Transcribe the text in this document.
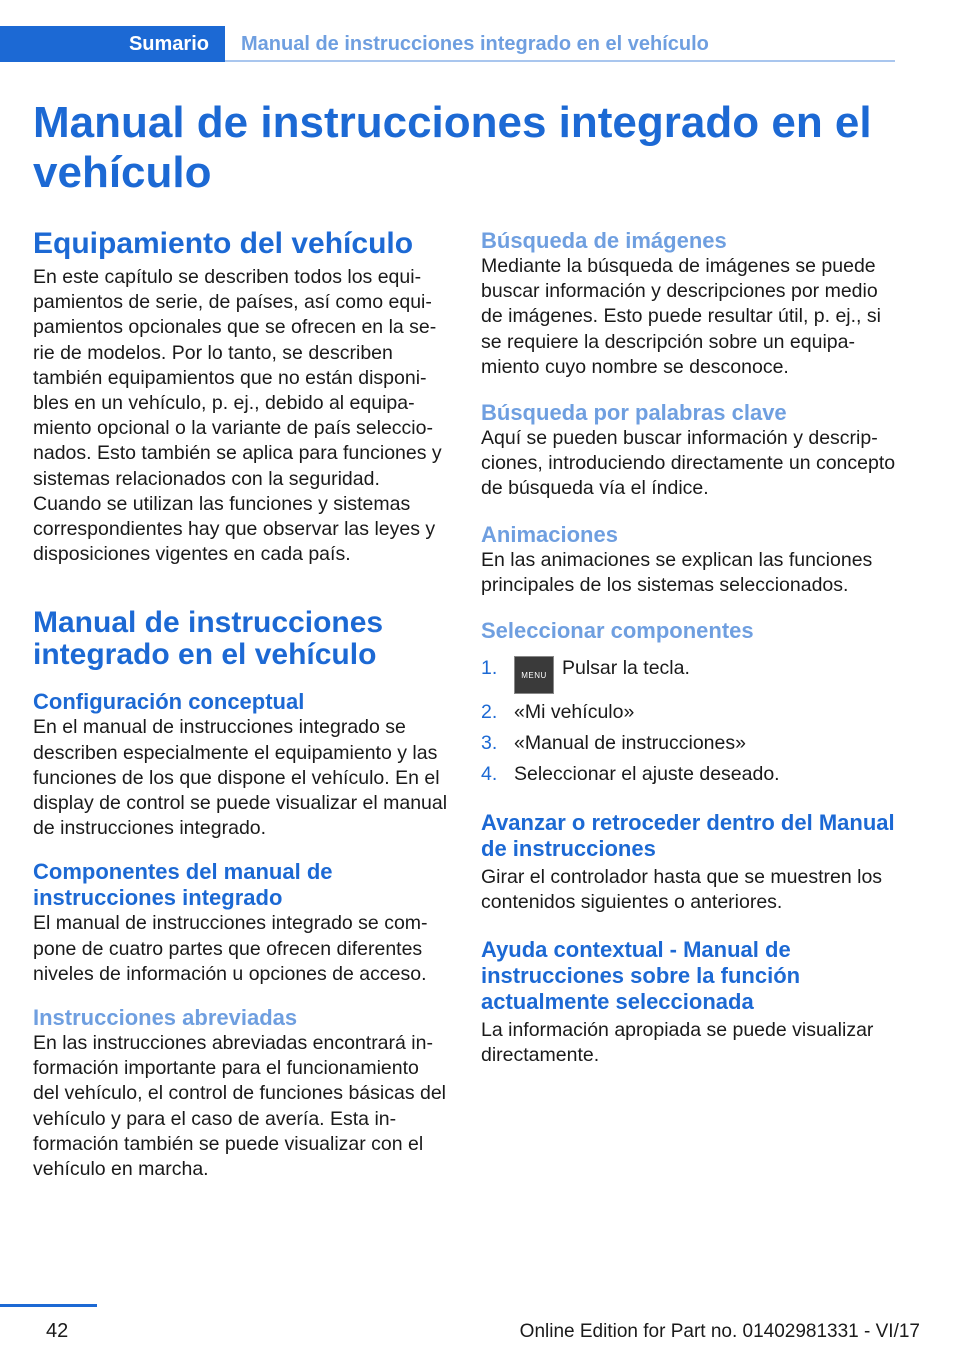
Sumario	Manual de instrucciones integrado en el vehículo
Manual de instrucciones integrado en el vehículo
Equipamiento del vehículo

En este capítulo se describen todos los equipamientos de serie, de países, así como equipamientos opcionales que se ofrecen en la serie de modelos. Por lo tanto, se describen también equipamientos que no están disponibles en un vehículo, p. ej., debido al equipamiento opcional o la variante de país seleccionados. Esto también se aplica para funciones y sistemas relacionados con la seguridad.

Cuando se utilizan las funciones y sistemas correspondientes hay que observar las leyes y disposiciones vigentes en cada país.

Manual de instrucciones integrado en el vehículo
Configuración conceptual

En el manual de instrucciones integrado se describen especialmente el equipamiento y las funciones de los que dispone el vehículo. En el display de control se puede visualizar el manual de instrucciones integrado.

Componentes del manual de instrucciones integrado

El manual de instrucciones integrado se compone de cuatro partes que ofrecen diferentes niveles de información u opciones de acceso.

Instrucciones abreviadas

En las instrucciones abreviadas encontrará información importante para el funcionamiento del vehículo, el control de funciones básicas del vehículo y para el caso de avería. Esta información también se puede visualizar con el vehículo en marcha.

Búsqueda de imágenes

Mediante la búsqueda de imágenes se puede buscar información y descripciones por medio de imágenes. Esto puede resultar útil, p. ej., si se requiere la descripción sobre un equipamiento cuyo nombre se desconoce.

Búsqueda por palabras clave

Aquí se pueden buscar información y descripciones, introduciendo directamente un concepto de búsqueda vía el índice.

Animaciones

En las animaciones se explican las funciones principales de los sistemas seleccionados.

Seleccionar componentes
1.	MENU Pulsar la tecla.
2. «Mi vehículo»
3. «Manual de instrucciones»
4. Seleccionar el ajuste deseado.
Avanzar o retroceder dentro del Manual de instrucciones

Girar el controlador hasta que se muestren los contenidos siguientes o anteriores.

Ayuda contextual - Manual de instrucciones sobre la función actualmente seleccionada

La información apropiada se puede visualizar directamente.

42	Online Edition for Part no. 01402981331 - VI/17
